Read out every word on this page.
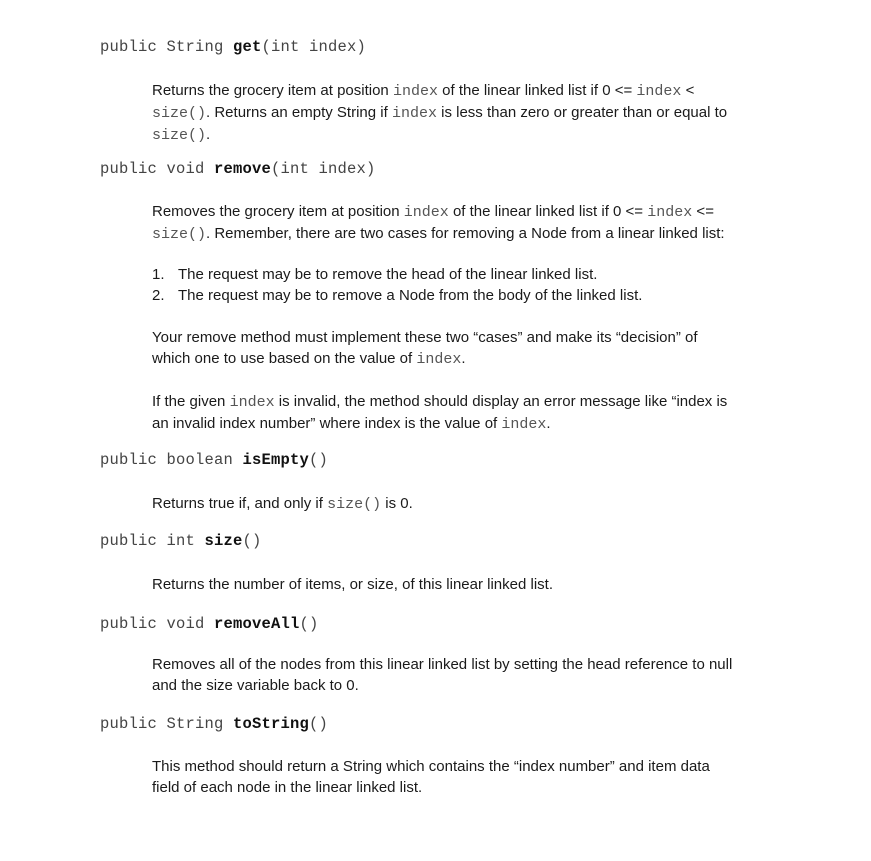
public String get(int index)
Returns the grocery item at position index of the linear linked list if 0 <= index <
size(). Returns an empty String if index is less than zero or greater than or equal to
size().
public void remove(int index)
Removes the grocery item at position index of the linear linked list if 0 <= index <=
size(). Remember, there are two cases for removing a Node from a linear linked list:
1. The request may be to remove the head of the linear linked list.
2. The request may be to remove a Node from the body of the linked list.
Your remove method must implement these two “cases” and make its “decision” of
which one to use based on the value of index.
If the given index is invalid, the method should display an error message like “index is
an invalid index number” where index is the value of index.
public boolean isEmpty()
Returns true if, and only if size() is 0.
public int size()
Returns the number of items, or size, of this linear linked list.
public void removeAll()
Removes all of the nodes from this linear linked list by setting the head reference to null
and the size variable back to 0.
public String toString()
This method should return a String which contains the “index number” and item data
field of each node in the linear linked list.
